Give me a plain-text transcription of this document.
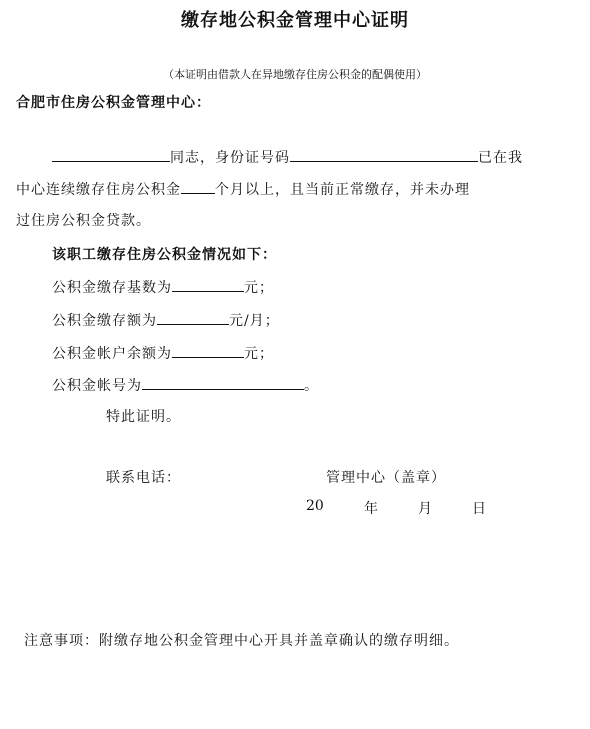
缴存地公积金管理中心证明
（本证明由借款人在异地缴存住房公积金的配偶使用）
合肥市住房公积金管理中心：
同志，身份证号码	已在我
中心连续缴存住房公积金 个月以上，且当前正常缴存，并未办理
过住房公积金贷款。
该职工缴存住房公积金情况如下：
公积金缴存基数为	元；
公积金缴存额为	元/月；
公积金帐户余额为	元；
公积金帐号为	。
特此证明。
联系电话：	管理中心（盖章）
20	年	月	日
注意事项：附缴存地公积金管理中心开具并盖章确认的缴存明细。
